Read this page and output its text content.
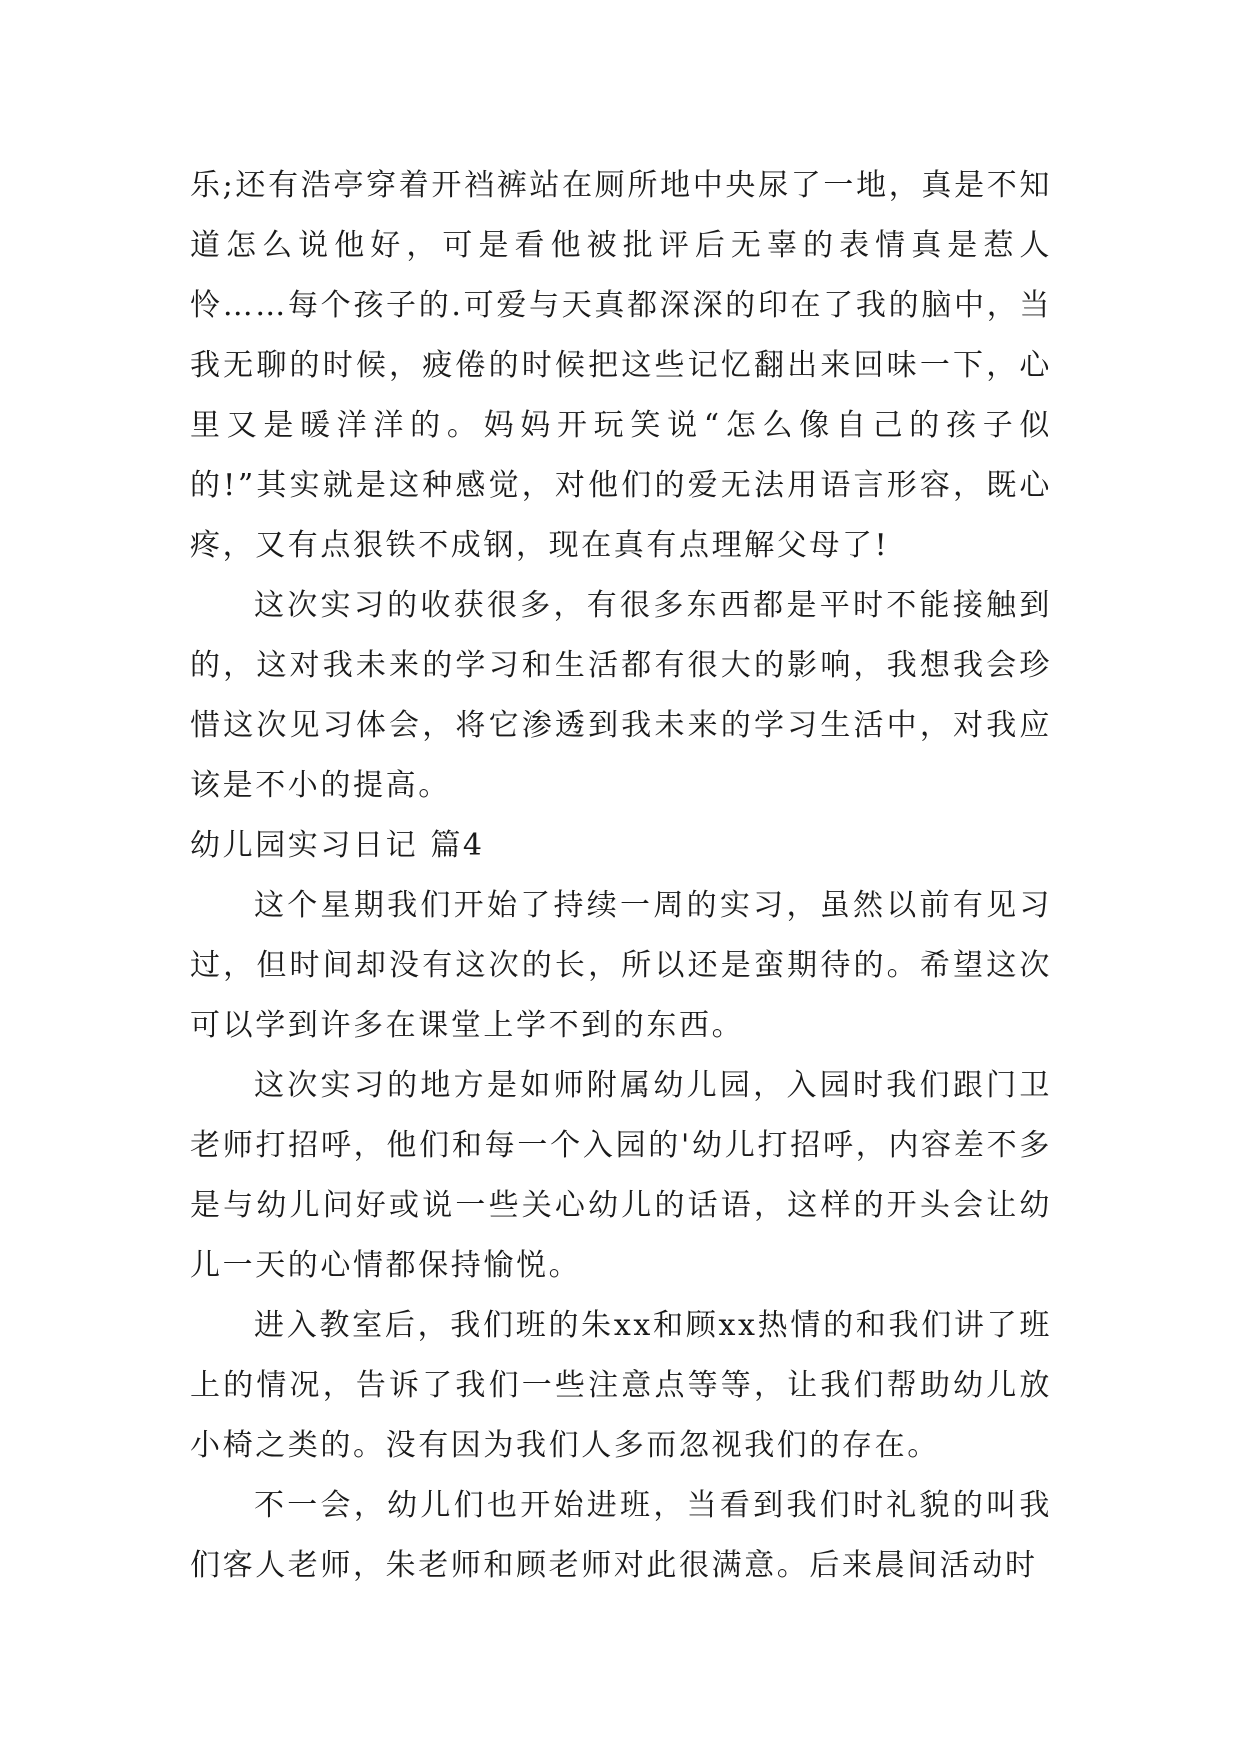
乐;还有浩亭穿着开裆裤站在厕所地中央尿了一地，真是不知道怎么说他好，可是看他被批评后无辜的表情真是惹人怜……每个孩子的.可爱与天真都深深的印在了我的脑中，当我无聊的时候，疲倦的时候把这些记忆翻出来回味一下，心里又是暖洋洋的。妈妈开玩笑说“怎么像自己的孩子似的!”其实就是这种感觉，对他们的爱无法用语言形容，既心疼，又有点狠铁不成钢，现在真有点理解父母了!

这次实习的收获很多，有很多东西都是平时不能接触到的，这对我未来的学习和生活都有很大的影响，我想我会珍惜这次见习体会，将它渗透到我未来的学习生活中，对我应该是不小的提高。

幼儿园实习日记 篇4

这个星期我们开始了持续一周的实习，虽然以前有见习过，但时间却没有这次的长，所以还是蛮期待的。希望这次可以学到许多在课堂上学不到的东西。

这次实习的地方是如师附属幼儿园，入园时我们跟门卫老师打招呼，他们和每一个入园的'幼儿打招呼，内容差不多是与幼儿问好或说一些关心幼儿的话语，这样的开头会让幼儿一天的心情都保持愉悦。

进入教室后，我们班的朱xx和顾xx热情的和我们讲了班上的情况，告诉了我们一些注意点等等，让我们帮助幼儿放小椅之类的。没有因为我们人多而忽视我们的存在。

不一会，幼儿们也开始进班，当看到我们时礼貌的叫我们客人老师，朱老师和顾老师对此很满意。后来晨间活动时
